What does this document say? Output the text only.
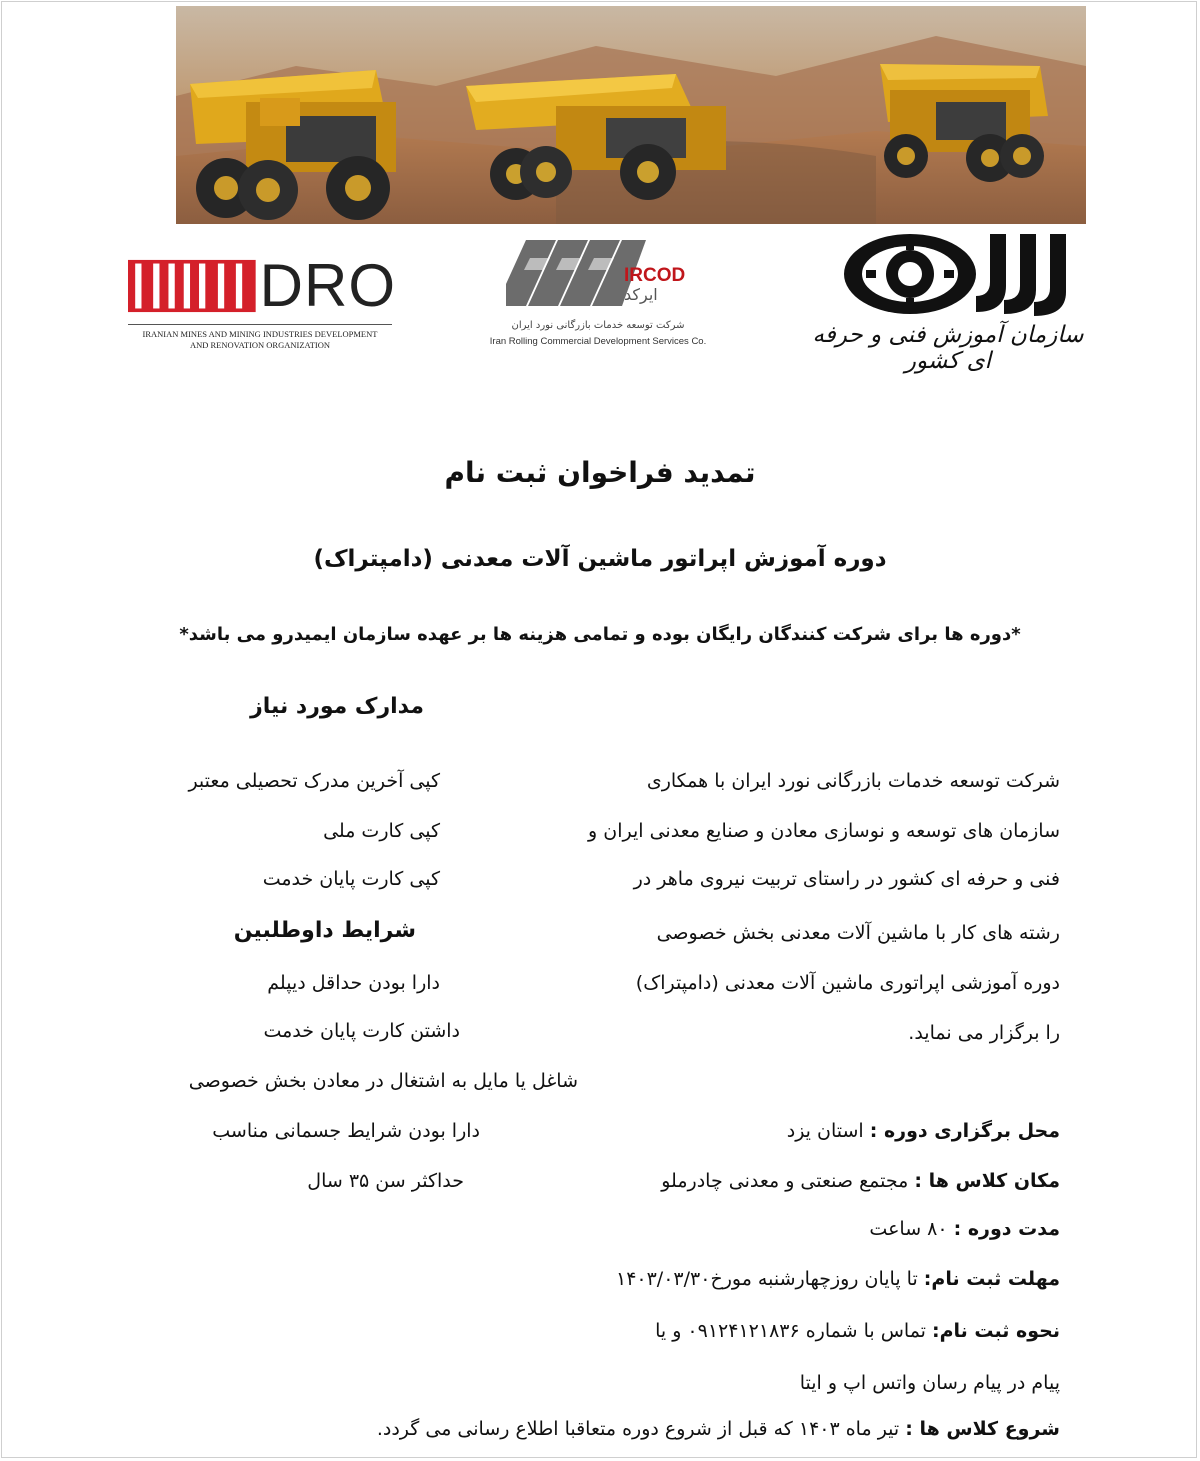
DRO
IRANIAN MINES AND MINING INDUSTRIES DEVELOPMENT
AND RENOVATION ORGANIZATION
IRCOD
ایرکد
شرکت توسعه خدمات بازرگانی نورد ایران
Iran Rolling Commercial Development Services Co.	سازمان آموزش فنی و حرفه ای کشور
تمدید فراخوان ثبت نام
دوره آموزش اپراتور ماشین آلات معدنی (دامپتراک)
*دوره ها برای شرکت کنندگان رایگان بوده و تمامی هزینه ها بر عهده سازمان ایمیدرو می باشد*
مدارک مورد نیاز
کپی آخرین مدرک تحصیلی معتبر
کپی کارت ملی
کپی کارت پایان خدمت
شرایط داوطلبین
دارا بودن حداقل دیپلم
داشتن کارت پایان خدمت
شاغل یا مایل به اشتغال در معادن بخش خصوصی
دارا بودن شرایط جسمانی مناسب
حداکثر سن ۳۵ سال
شرکت توسعه خدمات بازرگانی نورد ایران با همکاری
سازمان های توسعه و نوسازی معادن و صنایع معدنی ایران و
فنی و حرفه ای کشور در راستای تربیت نیروی ماهر در
رشته های کار با ماشین آلات معدنی بخش خصوصی
دوره آموزشی اپراتوری ماشین آلات معدنی (دامپتراک)
را برگزار می نماید.
محل برگزاری دوره : استان یزد
مکان کلاس ها : مجتمع صنعتی و معدنی چادرملو
مدت دوره : ۸۰ ساعت
مهلت ثبت نام: تا پایان روزچهارشنبه مورخ۱۴۰۳/۰۳/۳۰
نحوه ثبت نام: تماس با شماره ۰۹۱۲۴۱۲۱۸۳۶ و یا
پیام در پیام رسان واتس اپ و ایتا
شروع کلاس ها : تیر ماه ۱۴۰۳ که قبل از شروع دوره متعاقبا اطلاع رسانی می گردد.
